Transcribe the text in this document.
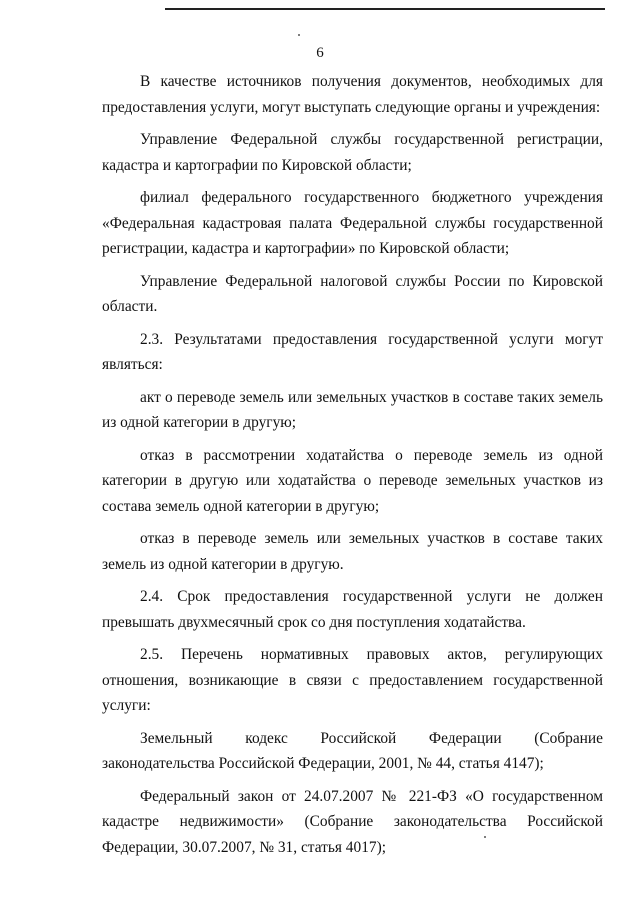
6

В качестве источников получения документов, необходимых для предоставления услуги, могут выступать следующие органы и учреждения:

Управление Федеральной службы государственной регистрации, кадастра и картографии по Кировской области;

филиал федерального государственного бюджетного учреждения «Федеральная кадастровая палата Федеральной службы государственной регистрации, кадастра и картографии» по Кировской области;

Управление Федеральной налоговой службы России по Кировской области.

2.3. Результатами предоставления государственной услуги могут являться:

акт о переводе земель или земельных участков в составе таких земель из одной категории в другую;

отказ в рассмотрении ходатайства о переводе земель из одной категории в другую или ходатайства о переводе земельных участков из состава земель одной категории в другую;

отказ в переводе земель или земельных участков в составе таких земель из одной категории в другую.

2.4. Срок предоставления государственной услуги не должен превышать двухмесячный срок со дня поступления ходатайства.

2.5. Перечень нормативных правовых актов, регулирующих отношения, возникающие в связи с предоставлением государственной услуги:

Земельный кодекс Российской Федерации (Собрание законодательства Российской Федерации, 2001, № 44, статья 4147);

Федеральный закон от 24.07.2007 № 221-ФЗ «О государственном кадастре недвижимости» (Собрание законодательства Российской Федерации, 30.07.2007, № 31, статья 4017);
